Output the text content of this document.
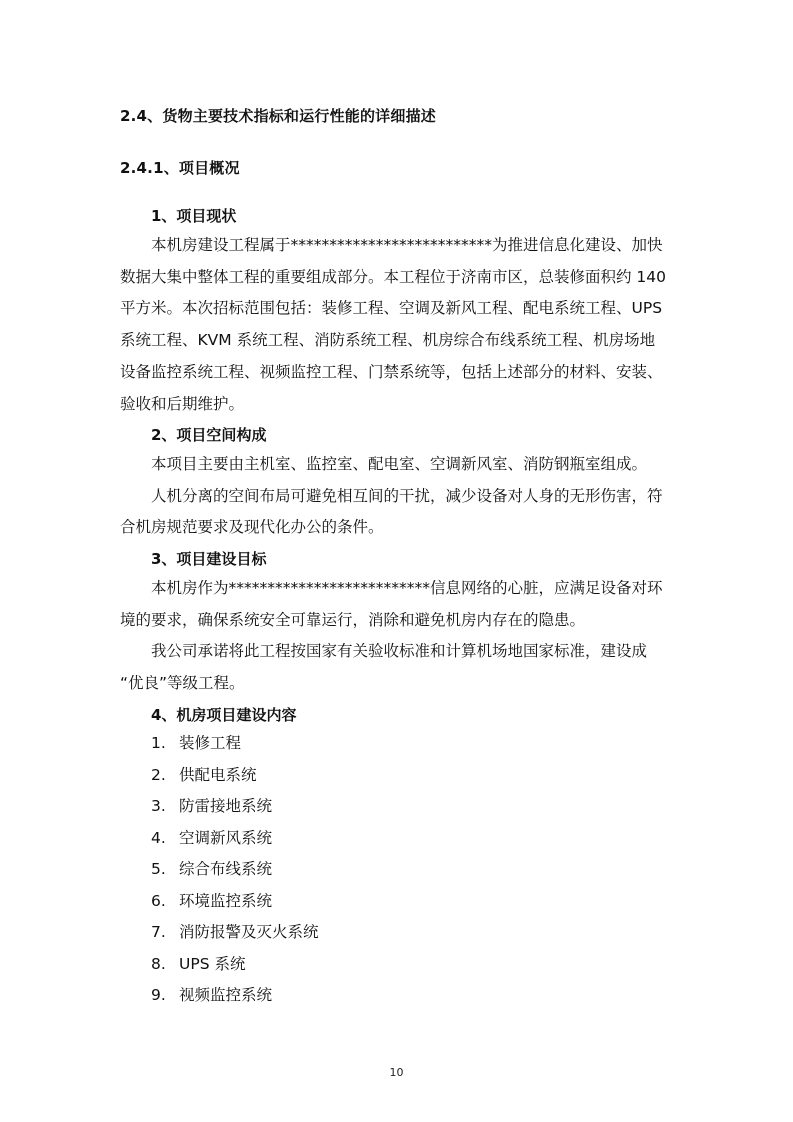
2.4、货物主要技术指标和运行性能的详细描述
2.4.1、项目概况
1、项目现状

本机房建设工程属于**************************为推进信息化建设、加快
数据大集中整体工程的重要组成部分。本工程位于济南市区，总装修面积约 140
平方米。本次招标范围包括：装修工程、空调及新风工程、配电系统工程、UPS
系统工程、KVM 系统工程、消防系统工程、机房综合布线系统工程、机房场地
设备监控系统工程、视频监控工程、门禁系统等，包括上述部分的材料、安装、
验收和后期维护。

2、项目空间构成

本项目主要由主机室、监控室、配电室、空调新风室、消防钢瓶室组成。
人机分离的空间布局可避免相互间的干扰，减少设备对人身的无形伤害，符
合机房规范要求及现代化办公的条件。

3、项目建设目标

本机房作为**************************信息网络的心脏，应满足设备对环
境的要求，确保系统安全可靠运行，消除和避免机房内存在的隐患。
我公司承诺将此工程按国家有关验收标准和计算机场地国家标准，建设成
“优良”等级工程。

4、机房项目建设内容
1. 装修工程
2. 供配电系统
3. 防雷接地系统
4. 空调新风系统
5. 综合布线系统
6. 环境监控系统
7. 消防报警及灭火系统
8. UPS 系统
9. 视频监控系统
10
